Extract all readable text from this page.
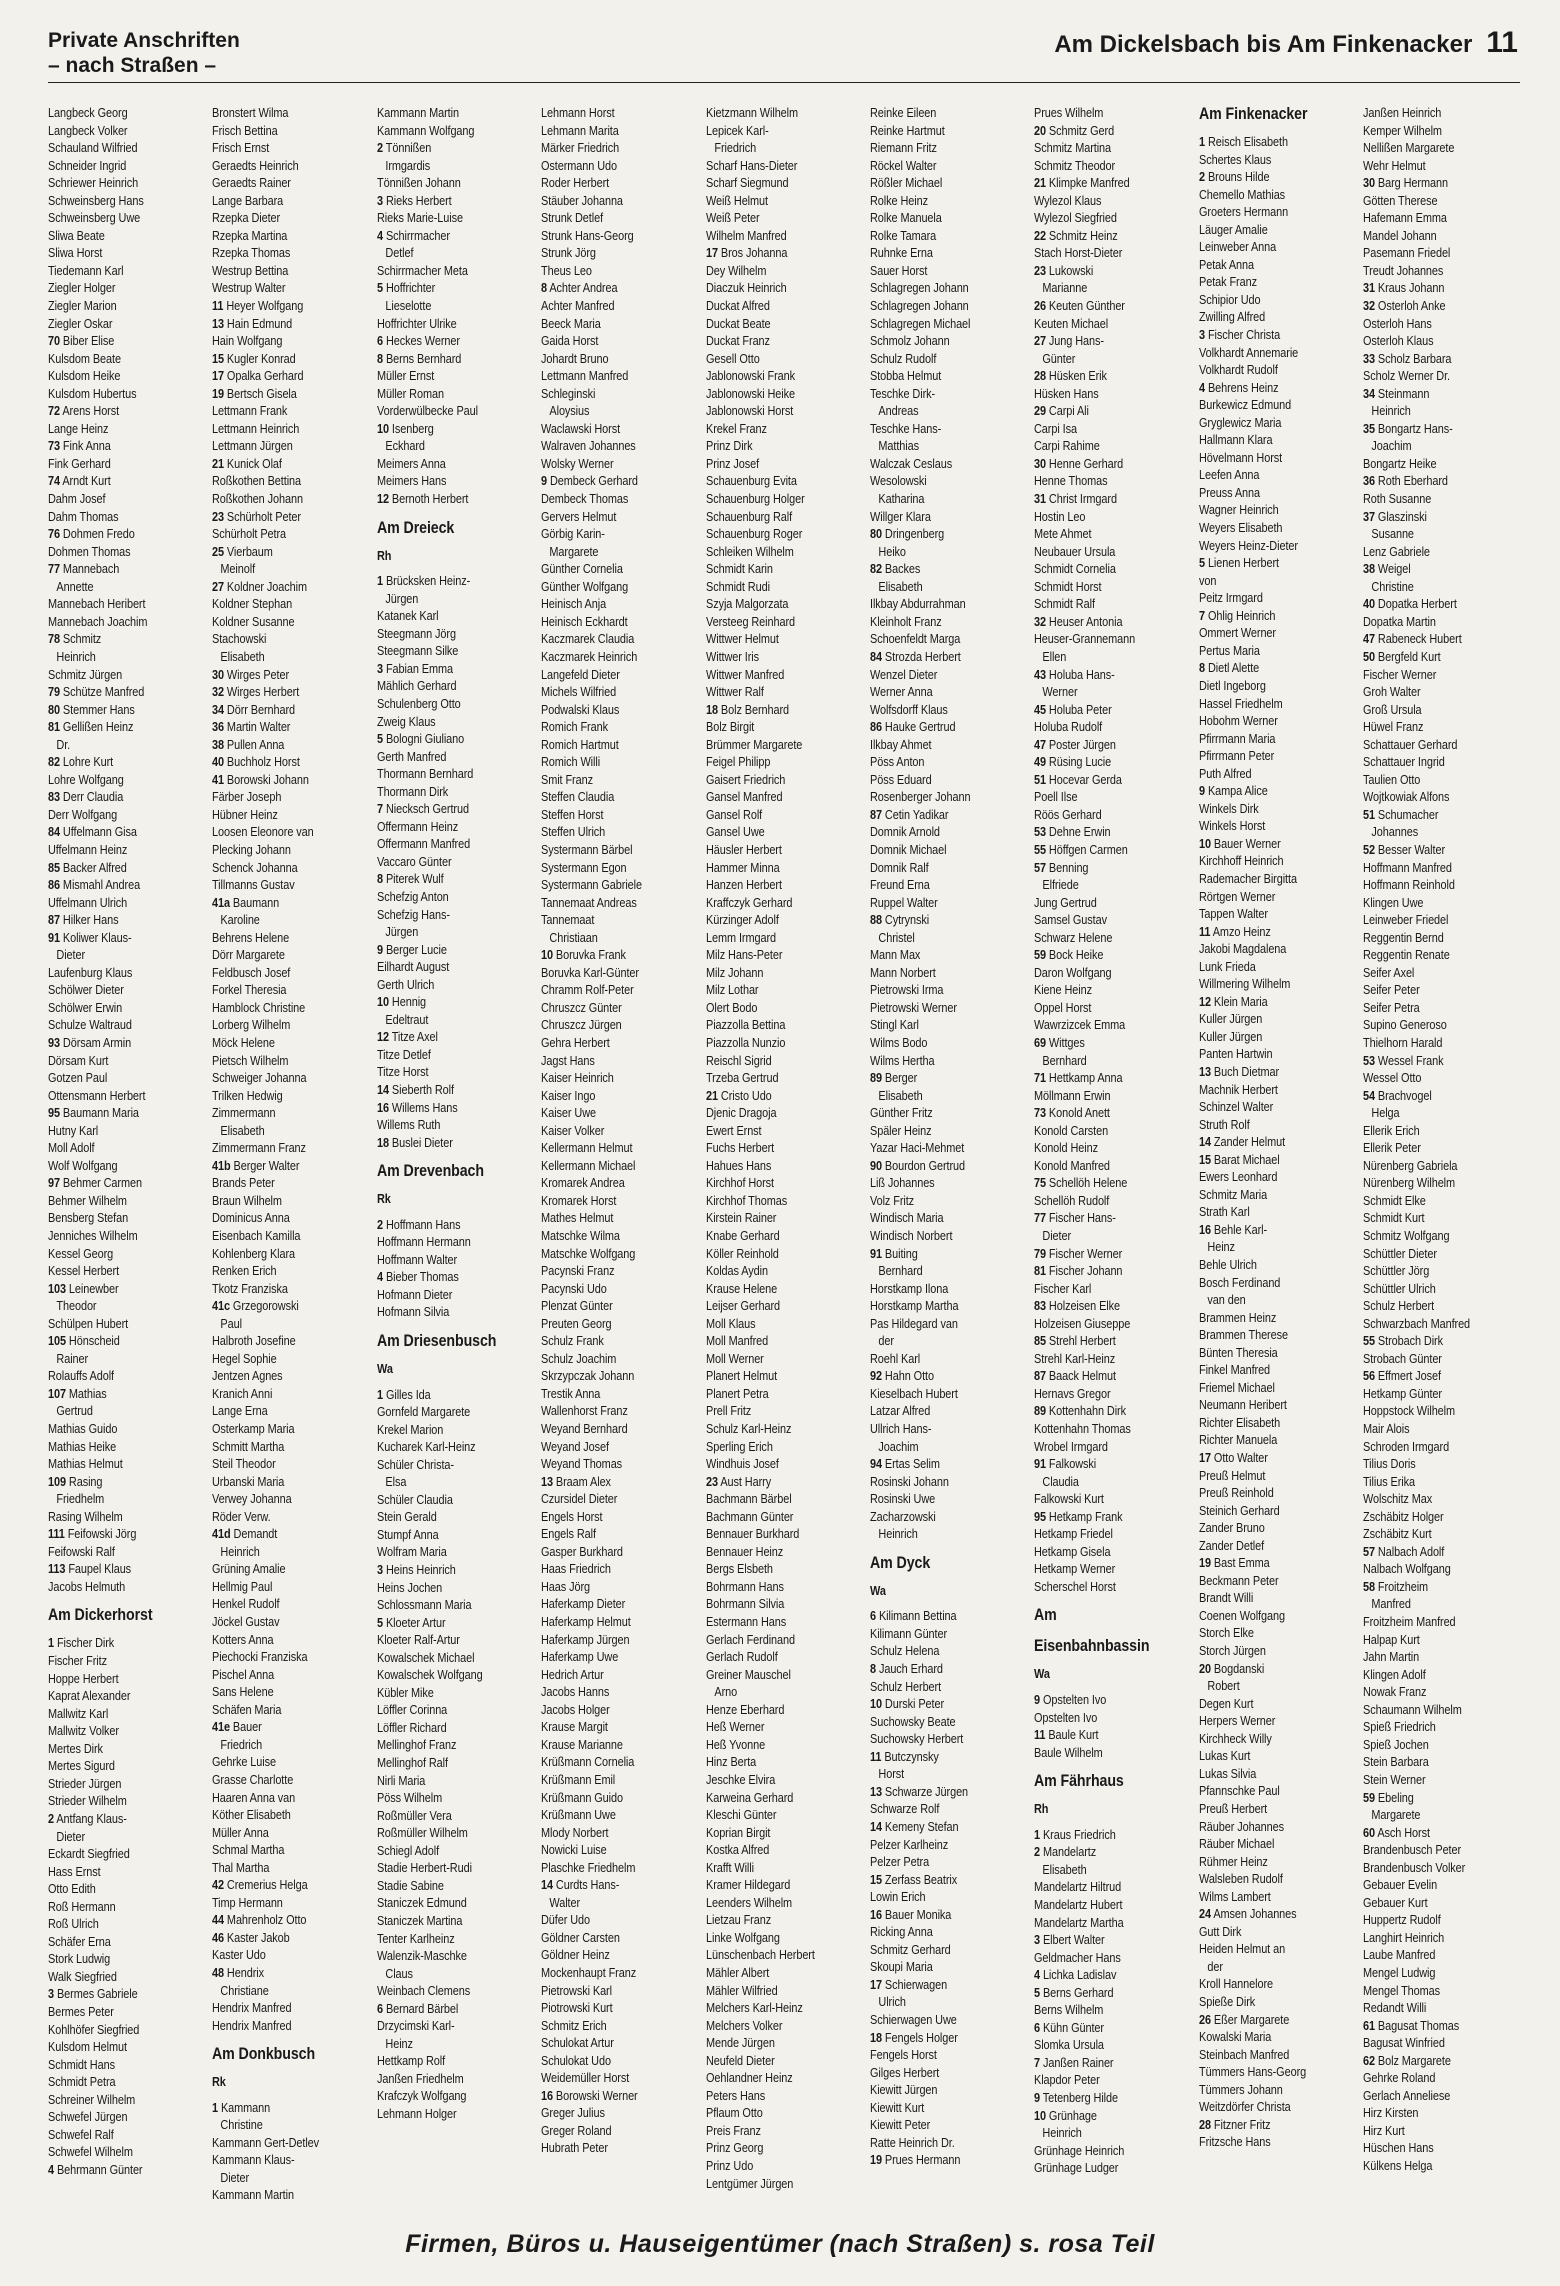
Private Anschriften
– nach Straßen –
Am Dickelsbach bis Am Finkenacker 11
Langbeck Georg
Langbeck Volker
Schauland Wilfried
Schneider Ingrid
Schriewer Heinrich
Schweinsberg Hans
Schweinsberg Uwe
Sliwa Beate
Sliwa Horst
Tiedemann Karl
Ziegler Holger
Ziegler Marion
Ziegler Oskar
70 Biber Elise
Kulsdom Beate
Kulsdom Heike
Kulsdom Hubertus
72 Arens Horst
Lange Heinz
73 Fink Anna
Fink Gerhard
74 Arndt Kurt
Dahm Josef
Dahm Thomas
76 Dohmen Fredo
Dohmen Thomas
77 Mannebach
Annette
Mannebach Heribert
Mannebach Joachim
78 Schmitz
Heinrich
Schmitz Jürgen
79 Schütze Manfred
80 Stemmer Hans
81 Gellißen Heinz
Dr.
82 Lohre Kurt
Lohre Wolfgang
83 Derr Claudia
Derr Wolfgang
84 Uffelmann Gisa
Uffelmann Heinz
85 Backer Alfred
86 Mismahl Andrea
Uffelmann Ulrich
87 Hilker Hans
91 Koliwer Klaus-
Dieter
Laufenburg Klaus
Schölwer Dieter
Schölwer Erwin
Schulze Waltraud
93 Dörsam Armin
Dörsam Kurt
Gotzen Paul
Ottensmann Herbert
95 Baumann Maria
Hutny Karl
Moll Adolf
Wolf Wolfgang
97 Behmer Carmen
Behmer Wilhelm
Bensberg Stefan
Jenniches Wilhelm
Kessel Georg
Kessel Herbert
103 Leinewber
Theodor
Schülpen Hubert
105 Hönscheid
Rainer
Rolauffs Adolf
107 Mathias
Gertrud
Mathias Guido
Mathias Heike
Mathias Helmut
109 Rasing
Friedhelm
Rasing Wilhelm
111 Feifowski Jörg
Feifowski Ralf
113 Faupel Klaus
Jacobs Helmuth
Am Dickerhorst
1 Fischer Dirk
Fischer Fritz
Hoppe Herbert
Kaprat Alexander
Mallwitz Karl
Mallwitz Volker
Mertes Dirk
Mertes Sigurd
Strieder Jürgen
Strieder Wilhelm
2 Antfang Klaus-
Dieter
Eckardt Siegfried
Hass Ernst
Otto Edith
Roß Hermann
Roß Ulrich
Schäfer Erna
Stork Ludwig
Walk Siegfried
3 Bermes Gabriele
Bermes Peter
Kohlhöfer Siegfried
Kulsdom Helmut
Schmidt Hans
Schmidt Petra
Schreiner Wilhelm
Schwefel Jürgen
Schwefel Ralf
Schwefel Wilhelm
4 Behrmann Günter
Bronstert Wilma
Frisch Bettina
Frisch Ernst
Geraedts Heinrich
Geraedts Rainer
Lange Barbara
Rzepka Dieter
Rzepka Martina
Rzepka Thomas
Westrup Bettina
Westrup Walter
11 Heyer Wolfgang
13 Hain Edmund
Hain Wolfgang
15 Kugler Konrad
17 Opalka Gerhard
19 Bertsch Gisela
Lettmann Frank
Lettmann Heinrich
Lettmann Jürgen
21 Kunick Olaf
Roßkothen Bettina
Roßkothen Johann
23 Schürholt Peter
Schürholt Petra
25 Vierbaum
Meinolf
27 Koldner Joachim
Koldner Stephan
Koldner Susanne
Stachowski
Elisabeth
30 Wirges Peter
32 Wirges Herbert
34 Dörr Bernhard
36 Martin Walter
38 Pullen Anna
40 Buchholz Horst
41 Borowski Johann
Färber Joseph
Hübner Heinz
Loosen Eleonore van
Plecking Johann
Schenck Johanna
Tillmanns Gustav
41a Baumann
Karoline
Behrens Helene
Dörr Margarete
Feldbusch Josef
Forkel Theresia
Hamblock Christine
Lorberg Wilhelm
Möck Helene
Pietsch Wilhelm
Schweiger Johanna
Trilken Hedwig
Zimmermann
Elisabeth
Zimmermann Franz
41b Berger Walter
Brands Peter
Braun Wilhelm
Dominicus Anna
Eisenbach Kamilla
Kohlenberg Klara
Renken Erich
Tkotz Franziska
41c Grzegorowski
Paul
Halbroth Josefine
Hegel Sophie
Jentzen Agnes
Kranich Anni
Lange Erna
Osterkamp Maria
Schmitt Martha
Steil Theodor
Urbanski Maria
Verwey Johanna
Röder Verw.
41d Demandt
Heinrich
Grüning Amalie
Hellmig Paul
Henkel Rudolf
Jöckel Gustav
Kotters Anna
Piechocki Franziska
Pischel Anna
Sans Helene
Schäfen Maria
41e Bauer
Friedrich
Gehrke Luise
Grasse Charlotte
Haaren Anna van
Köther Elisabeth
Müller Anna
Schmal Martha
Thal Martha
42 Cremerius Helga
Timp Hermann
44 Mahrenholz Otto
46 Kaster Jakob
Kaster Udo
48 Hendrix
Christiane
Hendrix Manfred
Hendrix Manfred
Am Donkbusch
Rk
1 Kammann
Christine
Kammann Gert-Detlev
Kammann Klaus-
Dieter
Kammann Martin
Kammann Martin
Kammann Wolfgang
2 Tönnißen
Irmgardis
Tönnißen Johann
3 Rieks Herbert
Rieks Marie-Luise
4 Schirrmacher
Detlef
Schirrmacher Meta
5 Hoffrichter
Lieselotte
Hoffrichter Ulrike
6 Heckes Werner
8 Berns Bernhard
Müller Ernst
Müller Roman
Vorderwülbecke Paul
10 Isenberg
Eckhard
Meimers Anna
Meimers Hans
12 Bernoth Herbert
Am Dreieck
Rh
1 Brücksken Heinz-
Jürgen
Katanek Karl
Steegmann Jörg
Steegmann Silke
3 Fabian Emma
Mählich Gerhard
Schulenberg Otto
Zweig Klaus
5 Bologni Giuliano
Gerth Manfred
Thormann Bernhard
Thormann Dirk
7 Niecksch Gertrud
Offermann Heinz
Offermann Manfred
Vaccaro Günter
8 Piterek Wulf
Schefzig Anton
Schefzig Hans-
Jürgen
9 Berger Lucie
Eilhardt August
Gerth Ulrich
10 Hennig
Edeltraut
12 Titze Axel
Titze Detlef
Titze Horst
14 Sieberth Rolf
16 Willems Hans
Willems Ruth
18 Buslei Dieter
Am Drevenbach
Rk
2 Hoffmann Hans
Hoffmann Hermann
Hoffmann Walter
4 Bieber Thomas
Hofmann Dieter
Hofmann Silvia
Am Driesenbusch
Wa
1 Gilles Ida
Gornfeld Margarete
Krekel Marion
Kucharek Karl-Heinz
Schüler Christa-
Elsa
Schüler Claudia
Stein Gerald
Stumpf Anna
Wolfram Maria
3 Heins Heinrich
Heins Jochen
Schlossmann Maria
5 Kloeter Artur
Kloeter Ralf-Artur
Kowalschek Michael
Kowalschek Wolfgang
Kübler Mike
Löffler Corinna
Löffler Richard
Mellinghof Franz
Mellinghof Ralf
Nirli Maria
Pöss Wilhelm
Roßmüller Vera
Roßmüller Wilhelm
Schiegl Adolf
Stadie Herbert-Rudi
Stadie Sabine
Staniczek Edmund
Staniczek Martina
Tenter Karlheinz
Walenzik-Maschke
Claus
Weinbach Clemens
6 Bernard Bärbel
Drzycimski Karl-
Heinz
Hettkamp Rolf
Janßen Friedhelm
Krafczyk Wolfgang
Lehmann Holger
Lehmann Horst
Lehmann Marita
Märker Friedrich
Ostermann Udo
Roder Herbert
Stäuber Johanna
Strunk Detlef
Strunk Hans-Georg
Strunk Jörg
Theus Leo
8 Achter Andrea
Achter Manfred
Beeck Maria
Gaida Horst
Johardt Bruno
Lettmann Manfred
Schleginski
Aloysius
Waclawski Horst
Walraven Johannes
Wolsky Werner
9 Dembeck Gerhard
Dembeck Thomas
Gervers Helmut
Görbig Karin-
Margarete
Günther Cornelia
Günther Wolfgang
Heinisch Anja
Heinisch Eckhardt
Kaczmarek Claudia
Kaczmarek Heinrich
Langefeld Dieter
Michels Wilfried
Podwalski Klaus
Romich Frank
Romich Hartmut
Romich Willi
Smit Franz
Steffen Claudia
Steffen Horst
Steffen Ulrich
Systermann Bärbel
Systermann Egon
Systermann Gabriele
Tannemaat Andreas
Tannemaat
Christiaan
10 Boruvka Frank
Boruvka Karl-Günter
Chramm Rolf-Peter
Chruszcz Günter
Chruszcz Jürgen
Gehra Herbert
Jagst Hans
Kaiser Heinrich
Kaiser Ingo
Kaiser Uwe
Kaiser Volker
Kellermann Helmut
Kellermann Michael
Kromarek Andrea
Kromarek Horst
Mathes Helmut
Matschke Wilma
Matschke Wolfgang
Pacynski Franz
Pacynski Udo
Plenzat Günter
Preuten Georg
Schulz Frank
Schulz Joachim
Skrzypczak Johann
Trestik Anna
Wallenhorst Franz
Weyand Bernhard
Weyand Josef
Weyand Thomas
13 Braam Alex
Czursidel Dieter
Engels Horst
Engels Ralf
Gasper Burkhard
Haas Friedrich
Haas Jörg
Haferkamp Dieter
Haferkamp Helmut
Haferkamp Jürgen
Haferkamp Uwe
Hedrich Artur
Jacobs Hanns
Jacobs Holger
Krause Margit
Krause Marianne
Krüßmann Cornelia
Krüßmann Emil
Krüßmann Guido
Krüßmann Uwe
Mlody Norbert
Nowicki Luise
Plaschke Friedhelm
14 Curdts Hans-
Walter
Düfer Udo
Göldner Carsten
Göldner Heinz
Mockenhaupt Franz
Pietrowski Karl
Piotrowski Kurt
Schmitz Erich
Schulokat Artur
Schulokat Udo
Weidemüller Horst
16 Borowski Werner
Greger Julius
Greger Roland
Hubrath Peter
Kietzmann Wilhelm
Lepicek Karl-
Friedrich
Scharf Hans-Dieter
Scharf Siegmund
Weiß Helmut
Weiß Peter
Wilhelm Manfred
17 Bros Johanna
Dey Wilhelm
Diaczuk Heinrich
Duckat Alfred
Duckat Beate
Duckat Franz
Gesell Otto
Jablonowski Frank
Jablonowski Heike
Jablonowski Horst
Krekel Franz
Prinz Dirk
Prinz Josef
Schauenburg Evita
Schauenburg Holger
Schauenburg Ralf
Schauenburg Roger
Schleiken Wilhelm
Schmidt Karin
Schmidt Rudi
Szyja Malgorzata
Versteeg Reinhard
Wittwer Helmut
Wittwer Iris
Wittwer Manfred
Wittwer Ralf
18 Bolz Bernhard
Bolz Birgit
Brümmer Margarete
Feigel Philipp
Gaisert Friedrich
Gansel Manfred
Gansel Rolf
Gansel Uwe
Häusler Herbert
Hammer Minna
Hanzen Herbert
Kraffczyk Gerhard
Kürzinger Adolf
Lemm Irmgard
Milz Hans-Peter
Milz Johann
Milz Lothar
Olert Bodo
Piazzolla Bettina
Piazzolla Nunzio
Reischl Sigrid
Trzeba Gertrud
21 Cristo Udo
Djenic Dragoja
Ewert Ernst
Fuchs Herbert
Hahues Hans
Kirchhof Horst
Kirchhof Thomas
Kirstein Rainer
Knabe Gerhard
Köller Reinhold
Koldas Aydin
Krause Helene
Leijser Gerhard
Moll Klaus
Moll Manfred
Moll Werner
Planert Helmut
Planert Petra
Prell Fritz
Schulz Karl-Heinz
Sperling Erich
Windhuis Josef
23 Aust Harry
Bachmann Bärbel
Bachmann Günter
Bennauer Burkhard
Bennauer Heinz
Bergs Elsbeth
Bohrmann Hans
Bohrmann Silvia
Estermann Hans
Gerlach Ferdinand
Gerlach Rudolf
Greiner Mauschel
Arno
Henze Eberhard
Heß Werner
Heß Yvonne
Hinz Berta
Jeschke Elvira
Karweina Gerhard
Kleschi Günter
Koprian Birgit
Kostka Alfred
Krafft Willi
Kramer Hildegard
Leenders Wilhelm
Lietzau Franz
Linke Wolfgang
Lünschenbach Herbert
Mähler Albert
Mähler Wilfried
Melchers Karl-Heinz
Melchers Volker
Mende Jürgen
Neufeld Dieter
Oehlandner Heinz
Peters Hans
Pflaum Otto
Preis Franz
Prinz Georg
Prinz Udo
Lentgümer Jürgen
Reinke Eileen
Reinke Hartmut
Riemann Fritz
Röckel Walter
Rößler Michael
Rolke Heinz
Rolke Manuela
Rolke Tamara
Ruhnke Erna
Sauer Horst
Schlagregen Johann
Schlagregen Johann
Schlagregen Michael
Schmolz Johann
Schulz Rudolf
Stobba Helmut
Teschke Dirk-
Andreas
Teschke Hans-
Matthias
Walczak Ceslaus
Wesolowski
Katharina
Willger Klara
80 Dringenberg
Heiko
82 Backes
Elisabeth
Ilkbay Abdurrahman
Kleinholt Franz
Schoenfeldt Marga
84 Strozda Herbert
Wenzel Dieter
Werner Anna
Wolfsdorff Klaus
86 Hauke Gertrud
Ilkbay Ahmet
Pöss Anton
Pöss Eduard
Rosenberger Johann
87 Cetin Yadikar
Domnik Arnold
Domnik Michael
Domnik Ralf
Freund Erna
Ruppel Walter
88 Cytrynski
Christel
Mann Max
Mann Norbert
Pietrowski Irma
Pietrowski Werner
Stingl Karl
Wilms Bodo
Wilms Hertha
89 Berger
Elisabeth
Günther Fritz
Späler Heinz
Yazar Haci-Mehmet
90 Bourdon Gertrud
Liß Johannes
Volz Fritz
Windisch Maria
Windisch Norbert
91 Buiting
Bernhard
Horstkamp Ilona
Horstkamp Martha
Pas Hildegard van
der
Roehl Karl
92 Hahn Otto
Kieselbach Hubert
Latzar Alfred
Ullrich Hans-
Joachim
94 Ertas Selim
Rosinski Johann
Rosinski Uwe
Zacharzowski
Heinrich
Am Dyck
Wa
6 Kilimann Bettina
Kilimann Günter
Schulz Helena
8 Jauch Erhard
Schulz Herbert
10 Durski Peter
Suchowsky Beate
Suchowsky Herbert
11 Butczynsky
Horst
13 Schwarze Jürgen
Schwarze Rolf
14 Kemeny Stefan
Pelzer Karlheinz
Pelzer Petra
15 Zerfass Beatrix
Lowin Erich
16 Bauer Monika
Ricking Anna
Schmitz Gerhard
Skoupi Maria
17 Schierwagen
Ulrich
Schierwagen Uwe
18 Fengels Holger
Fengels Horst
Gilges Herbert
Kiewitt Jürgen
Kiewitt Kurt
Kiewitt Peter
Ratte Heinrich Dr.
19 Prues Hermann
Prues Wilhelm
20 Schmitz Gerd
Schmitz Martina
Schmitz Theodor
21 Klimpke Manfred
Wylezol Klaus
Wylezol Siegfried
22 Schmitz Heinz
Stach Horst-Dieter
23 Lukowski
Marianne
26 Keuten Günther
Keuten Michael
27 Jung Hans-
Günter
28 Hüsken Erik
Hüsken Hans
29 Carpi Ali
Carpi Isa
Carpi Rahime
30 Henne Gerhard
Henne Thomas
31 Christ Irmgard
Hostin Leo
Mete Ahmet
Neubauer Ursula
Schmidt Cornelia
Schmidt Horst
Schmidt Ralf
32 Heuser Antonia
Heuser-Grannemann
Ellen
43 Holuba Hans-
Werner
45 Holuba Peter
Holuba Rudolf
47 Poster Jürgen
49 Rüsing Lucie
51 Hocevar Gerda
Poell Ilse
Röös Gerhard
53 Dehne Erwin
55 Höffgen Carmen
57 Benning
Elfriede
Jung Gertrud
Samsel Gustav
Schwarz Helene
59 Bock Heike
Daron Wolfgang
Kiene Heinz
Oppel Horst
Wawrzizcek Emma
69 Wittges
Bernhard
71 Hettkamp Anna
Möllmann Erwin
73 Konold Anett
Konold Carsten
Konold Heinz
Konold Manfred
75 Schellöh Helene
Schellöh Rudolf
77 Fischer Hans-
Dieter
79 Fischer Werner
81 Fischer Johann
Fischer Karl
83 Holzeisen Elke
Holzeisen Giuseppe
85 Strehl Herbert
Strehl Karl-Heinz
87 Baack Helmut
Hernavs Gregor
89 Kottenhahn Dirk
Kottenhahn Thomas
Wrobel Irmgard
91 Falkowski
Claudia
Falkowski Kurt
95 Hetkamp Frank
Hetkamp Friedel
Hetkamp Gisela
Hetkamp Werner
Scherschel Horst
Am
Eisenbahnbassin
Wa
9 Opstelten Ivo
Opstelten Ivo
11 Baule Kurt
Baule Wilhelm
Am Fährhaus
Rh
1 Kraus Friedrich
2 Mandelartz
Elisabeth
Mandelartz Hiltrud
Mandelartz Hubert
Mandelartz Martha
3 Elbert Walter
Geldmacher Hans
4 Lichka Ladislav
5 Berns Gerhard
Berns Wilhelm
6 Kühn Günter
Slomka Ursula
7 Janßen Rainer
Klapdor Peter
9 Tetenberg Hilde
10 Grünhage
Heinrich
Grünhage Heinrich
Grünhage Ludger
Am Finkenacker
1 Reisch Elisabeth
Schertes Klaus
2 Brouns Hilde
Chemello Mathias
Groeters Hermann
Läuger Amalie
Leinweber Anna
Petak Anna
Petak Franz
Schipior Udo
Zwilling Alfred
3 Fischer Christa
Volkhardt Annemarie
Volkhardt Rudolf
4 Behrens Heinz
Burkewicz Edmund
Gryglewicz Maria
Hallmann Klara
Hövelmann Horst
Leefen Anna
Preuss Anna
Wagner Heinrich
Weyers Elisabeth
Weyers Heinz-Dieter
5 Lienen Herbert
von
Peitz Irmgard
7 Ohlig Heinrich
Ommert Werner
Pertus Maria
8 Dietl Alette
Dietl Ingeborg
Hassel Friedhelm
Hobohm Werner
Pfirrmann Maria
Pfirrmann Peter
Puth Alfred
9 Kampa Alice
Winkels Dirk
Winkels Horst
10 Bauer Werner
Kirchhoff Heinrich
Rademacher Birgitta
Rörtgen Werner
Tappen Walter
11 Amzo Heinz
Jakobi Magdalena
Lunk Frieda
Willmering Wilhelm
12 Klein Maria
Kuller Jürgen
Kuller Jürgen
Panten Hartwin
13 Buch Dietmar
Machnik Herbert
Schinzel Walter
Struth Rolf
14 Zander Helmut
15 Barat Michael
Ewers Leonhard
Schmitz Maria
Strath Karl
16 Behle Karl-
Heinz
Behle Ulrich
Bosch Ferdinand
van den
Brammen Heinz
Brammen Therese
Bünten Theresia
Finkel Manfred
Friemel Michael
Neumann Heribert
Richter Elisabeth
Richter Manuela
17 Otto Walter
Preuß Helmut
Preuß Reinhold
Steinich Gerhard
Zander Bruno
Zander Detlef
19 Bast Emma
Beckmann Peter
Brandt Willi
Coenen Wolfgang
Storch Elke
Storch Jürgen
20 Bogdanski
Robert
Degen Kurt
Herpers Werner
Kirchheck Willy
Lukas Kurt
Lukas Silvia
Pfannschke Paul
Preuß Herbert
Räuber Johannes
Räuber Michael
Rühmer Heinz
Walsleben Rudolf
Wilms Lambert
24 Amsen Johannes
Gutt Dirk
Heiden Helmut an
der
Kroll Hannelore
Spieße Dirk
26 Eßer Margarete
Kowalski Maria
Steinbach Manfred
Tümmers Hans-Georg
Tümmers Johann
Weitzdörfer Christa
28 Fitzner Fritz
Fritzsche Hans
Janßen Heinrich
Kemper Wilhelm
Nellißen Margarete
Wehr Helmut
30 Barg Hermann
Götten Therese
Hafemann Emma
Mandel Johann
Pasemann Friedel
Treudt Johannes
31 Kraus Johann
32 Osterloh Anke
Osterloh Hans
Osterloh Klaus
33 Scholz Barbara
Scholz Werner Dr.
34 Steinmann
Heinrich
35 Bongartz Hans-
Joachim
Bongartz Heike
36 Roth Eberhard
Roth Susanne
37 Glaszinski
Susanne
Lenz Gabriele
38 Weigel
Christine
40 Dopatka Herbert
Dopatka Martin
47 Rabeneck Hubert
50 Bergfeld Kurt
Fischer Werner
Groh Walter
Groß Ursula
Hüwel Franz
Schattauer Gerhard
Schattauer Ingrid
Taulien Otto
Wojtkowiak Alfons
51 Schumacher
Johannes
52 Besser Walter
Hoffmann Manfred
Hoffmann Reinhold
Klingen Uwe
Leinweber Friedel
Reggentin Bernd
Reggentin Renate
Seifer Axel
Seifer Peter
Seifer Petra
Supino Generoso
Thielhorn Harald
53 Wessel Frank
Wessel Otto
54 Brachvogel
Helga
Ellerik Erich
Ellerik Peter
Nürenberg Gabriela
Nürenberg Wilhelm
Schmidt Elke
Schmidt Kurt
Schmitz Wolfgang
Schüttler Dieter
Schüttler Jörg
Schüttler Ulrich
Schulz Herbert
Schwarzbach Manfred
55 Strobach Dirk
Strobach Günter
56 Effmert Josef
Hetkamp Günter
Hoppstock Wilhelm
Mair Alois
Schroden Irmgard
Tilius Doris
Tilius Erika
Wolschitz Max
Zschäbitz Holger
Zschäbitz Kurt
57 Nalbach Adolf
Nalbach Wolfgang
58 Froitzheim
Manfred
Froitzheim Manfred
Halpap Kurt
Jahn Martin
Klingen Adolf
Nowak Franz
Schaumann Wilhelm
Spieß Friedrich
Spieß Jochen
Stein Barbara
Stein Werner
59 Ebeling
Margarete
60 Asch Horst
Brandenbusch Peter
Brandenbusch Volker
Gebauer Evelin
Gebauer Kurt
Huppertz Rudolf
Langhirt Heinrich
Laube Manfred
Mengel Ludwig
Mengel Thomas
Redandt Willi
61 Bagusat Thomas
Bagusat Winfried
62 Bolz Margarete
Gehrke Roland
Gerlach Anneliese
Hirz Kirsten
Hirz Kurt
Hüschen Hans
Külkens Helga
Firmen, Büros u. Hauseigentümer (nach Straßen) s. rosa Teil
